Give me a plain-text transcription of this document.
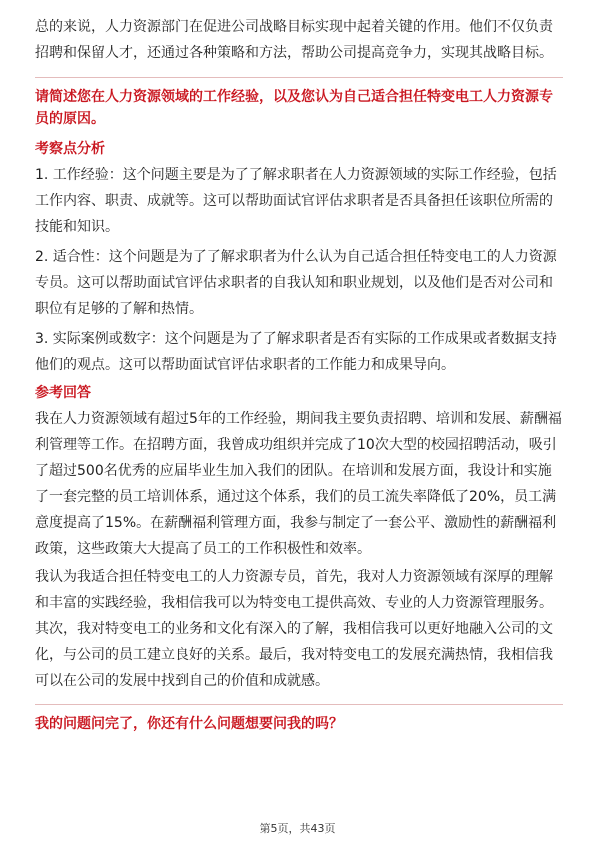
总的来说，人力资源部门在促进公司战略目标实现中起着关键的作用。他们不仅负责招聘和保留人才，还通过各种策略和方法，帮助公司提高竞争力，实现其战略目标。

请简述您在人力资源领域的工作经验，以及您认为自己适合担任特变电工人力资源专员的原因。
考察点分析

1. 工作经验：这个问题主要是为了了解求职者在人力资源领域的实际工作经验，包括工作内容、职责、成就等。这可以帮助面试官评估求职者是否具备担任该职位所需的技能和知识。

2. 适合性：这个问题是为了了解求职者为什么认为自己适合担任特变电工的人力资源专员。这可以帮助面试官评估求职者的自我认知和职业规划，以及他们是否对公司和职位有足够的了解和热情。

3. 实际案例或数字：这个问题是为了了解求职者是否有实际的工作成果或者数据支持他们的观点。这可以帮助面试官评估求职者的工作能力和成果导向。

参考回答

我在人力资源领域有超过5年的工作经验，期间我主要负责招聘、培训和发展、薪酬福利管理等工作。在招聘方面，我曾成功组织并完成了10次大型的校园招聘活动，吸引了超过500名优秀的应届毕业生加入我们的团队。在培训和发展方面，我设计和实施了一套完整的员工培训体系，通过这个体系，我们的员工流失率降低了20%，员工满意度提高了15%。在薪酬福利管理方面，我参与制定了一套公平、激励性的薪酬福利政策，这些政策大大提高了员工的工作积极性和效率。

我认为我适合担任特变电工的人力资源专员，首先，我对人力资源领域有深厚的理解和丰富的实践经验，我相信我可以为特变电工提供高效、专业的人力资源管理服务。其次，我对特变电工的业务和文化有深入的了解，我相信我可以更好地融入公司的文化，与公司的员工建立良好的关系。最后，我对特变电工的发展充满热情，我相信我可以在公司的发展中找到自己的价值和成就感。

我的问题问完了，你还有什么问题想要问我的吗？
第5页，共43页
